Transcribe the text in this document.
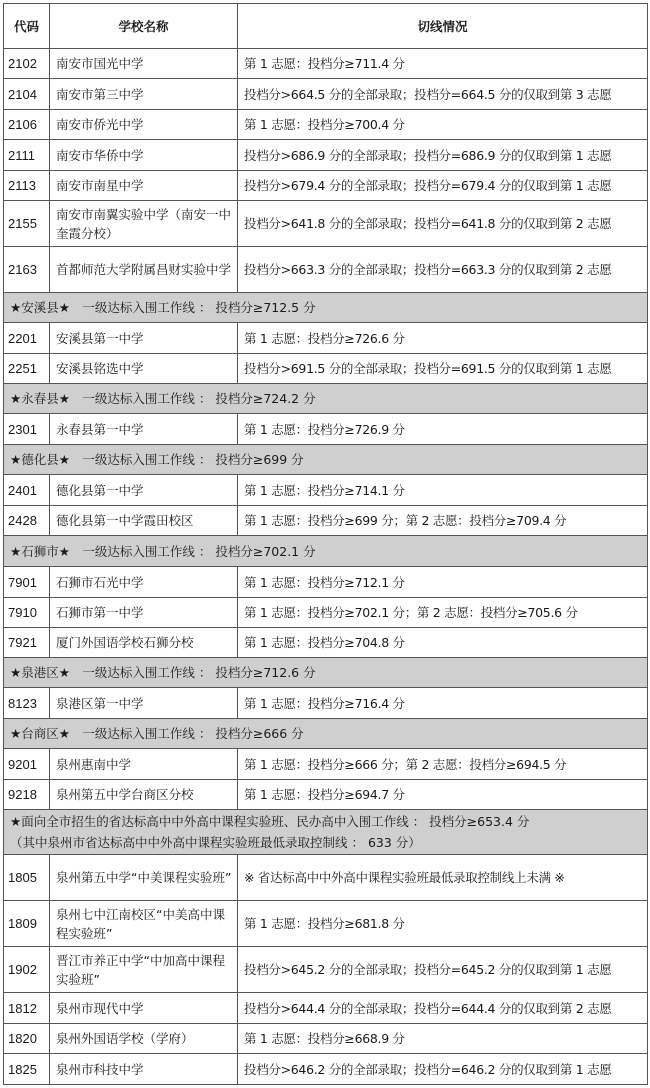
代码	学校名称	切线情况
2102	南安市国光中学	第 1 志愿：投档分≥711.4 分
2104	南安市第三中学	投档分>664.5 分的全部录取；投档分=664.5 分的仅取到第 3 志愿
2106	南安市侨光中学	第 1 志愿：投档分≥700.4 分
2111	南安市华侨中学	投档分>686.9 分的全部录取；投档分=686.9 分的仅取到第 1 志愿
2113	南安市南星中学	投档分>679.4 分的全部录取；投档分=679.4 分的仅取到第 1 志愿
2155	南安市南翼实验中学（南安一中奎霞分校）	投档分>641.8 分的全部录取；投档分=641.8 分的仅取到第 2 志愿
2163	首都师范大学附属昌财实验中学	投档分>663.3 分的全部录取；投档分=663.3 分的仅取到第 2 志愿

★安溪县★　一级达标入围工作线 ： 投档分≥712.5 分		

2201	安溪县第一中学	第 1 志愿：投档分≥726.6 分
2251	安溪县铭选中学	投档分>691.5 分的全部录取；投档分=691.5 分的仅取到第 1 志愿

★永春县★　一级达标入围工作线 ： 投档分≥724.2 分		

2301	永春县第一中学	第 1 志愿：投档分≥726.9 分

★德化县★　一级达标入围工作线 ： 投档分≥699 分		

2401	德化县第一中学	第 1 志愿：投档分≥714.1 分
2428	德化县第一中学霞田校区	第 1 志愿：投档分≥699 分；第 2 志愿：投档分≥709.4 分

★石狮市★　一级达标入围工作线 ： 投档分≥702.1 分		

7901	石狮市石光中学	第 1 志愿：投档分≥712.1 分
7910	石狮市第一中学	第 1 志愿：投档分≥702.1 分；第 2 志愿：投档分≥705.6 分
7921	厦门外国语学校石狮分校	第 1 志愿：投档分≥704.8 分

★泉港区★　一级达标入围工作线 ： 投档分≥712.6 分		

8123	泉港区第一中学	第 1 志愿：投档分≥716.4 分

★台商区★　一级达标入围工作线 ： 投档分≥666 分		

9201	泉州惠南中学	第 1 志愿：投档分≥666 分；第 2 志愿：投档分≥694.5 分
9218	泉州第五中学台商区分校	第 1 志愿：投档分≥694.7 分

★面向全市招生的省达标高中中外高中课程实验班、民办高中入围工作线 ： 投档分≥653.4 分
（其中泉州市省达标高中中外高中课程实验班最低录取控制线 ： 633 分）		

1805	泉州第五中学“中美课程实验班”	※ 省达标高中中外高中课程实验班最低录取控制线上未满 ※
1809	泉州七中江南校区“中美高中课程实验班”	第 1 志愿：投档分≥681.8 分
1902	晋江市养正中学“中加高中课程实验班”	投档分>645.2 分的全部录取；投档分=645.2 分的仅取到第 1 志愿
1812	泉州市现代中学	投档分>644.4 分的全部录取；投档分=644.4 分的仅取到第 2 志愿
1820	泉州外国语学校（学府）	第 1 志愿：投档分≥668.9 分
1825	泉州市科技中学	投档分>646.2 分的全部录取；投档分=646.2 分的仅取到第 1 志愿
